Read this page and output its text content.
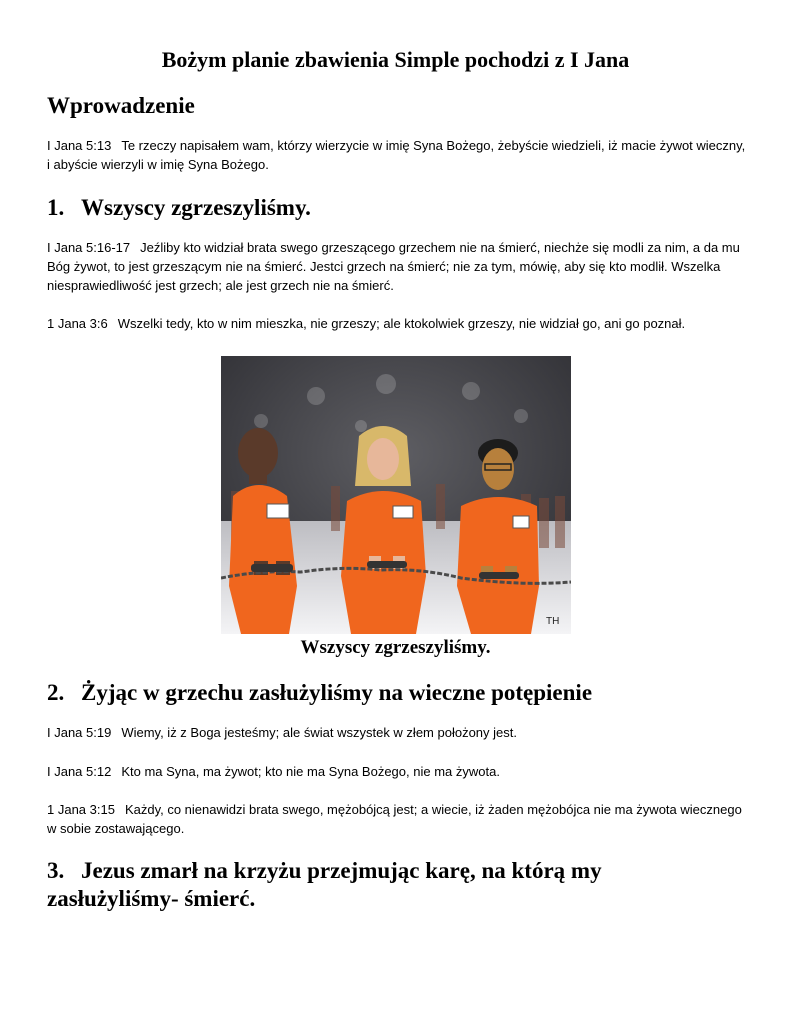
Bożym planie zbawienia Simple pochodzi z I Jana
Wprowadzenie
I Jana 5:13 Te rzeczy napisałem wam, którzy wierzycie w imię Syna Bożego, żebyście wiedzieli, iż macie żywot wieczny, i abyście wierzyli w imię Syna Bożego.
1. Wszyscy zgrzeszyliśmy.
I Jana 5:16-17 Jeźliby kto widział brata swego grzeszącego grzechem nie na śmierć, niechże się modli za nim, a da mu Bóg żywot, to jest grzeszącym nie na śmierć. Jestci grzech na śmierć; nie za tym, mówię, aby się kto modlił. Wszelka niesprawiedliwość jest grzech; ale jest grzech nie na śmierć.
1 Jana 3:6 Wszelki tedy, kto w nim mieszka, nie grzeszy; ale ktokolwiek grzeszy, nie widział go, ani go poznał.
TH
Wszyscy zgrzeszyliśmy.
2. Żyjąc w grzechu zasłużyliśmy na wieczne potępienie
I Jana 5:19 Wiemy, iż z Boga jesteśmy; ale świat wszystek w złem położony jest.
I Jana 5:12 Kto ma Syna, ma żywot; kto nie ma Syna Bożego, nie ma żywota.
1 Jana 3:15 Każdy, co nienawidzi brata swego, mężobójcą jest; a wiecie, iż żaden mężobójca nie ma żywota wiecznego w sobie zostawającego.
3. Jezus zmarł na krzyżu przejmując karę, na którą my zasłużyliśmy- śmierć.
